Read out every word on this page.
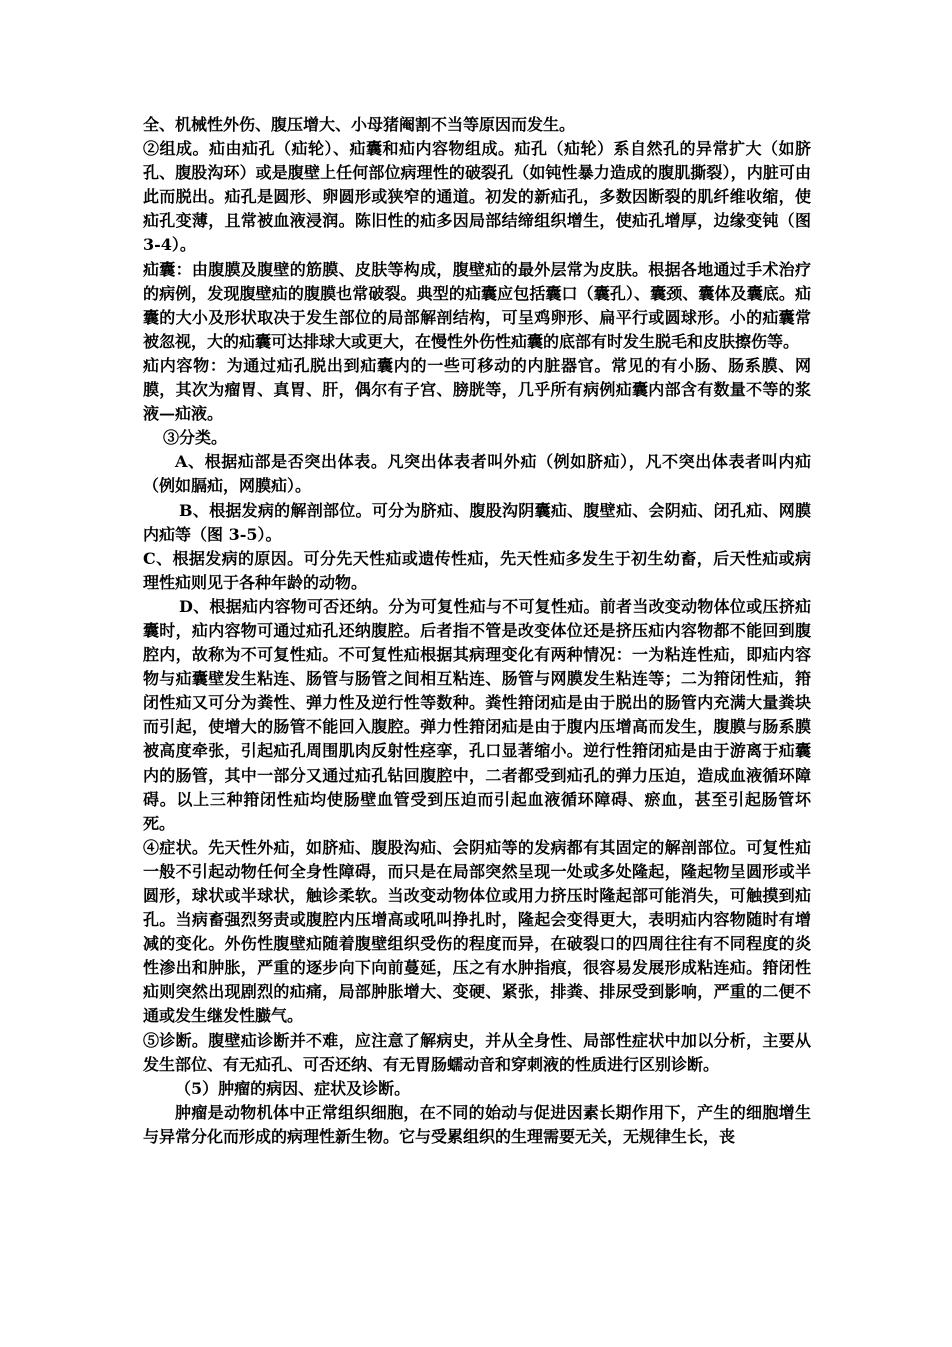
全、机械性外伤、腹压增大、小母猪阉割不当等原因而发生。

②组成。疝由疝孔（疝轮）、疝囊和疝内容物组成。疝孔（疝轮）系自然孔的异常扩大（如脐孔、腹股沟环）或是腹壁上任何部位病理性的破裂孔（如钝性暴力造成的腹肌撕裂），内脏可由此而脱出。疝孔是圆形、卵圆形或狭窄的通道。初发的新疝孔，多数因断裂的肌纤维收缩，使疝孔变薄，且常被血液浸润。陈旧性的疝多因局部结缔组织增生，使疝孔增厚，边缘变钝（图 3-4）。

疝囊：由腹膜及腹壁的筋膜、皮肤等构成，腹壁疝的最外层常为皮肤。根据各地通过手术治疗的病例，发现腹壁疝的腹膜也常破裂。典型的疝囊应包括囊口（囊孔）、囊颈、囊体及囊底。疝囊的大小及形状取决于发生部位的局部解剖结构，可呈鸡卵形、扁平行或圆球形。小的疝囊常被忽视，大的疝囊可达排球大或更大，在慢性外伤性疝囊的底部有时发生脱毛和皮肤擦伤等。

疝内容物：为通过疝孔脱出到疝囊内的一些可移动的内脏器官。常见的有小肠、肠系膜、网膜，其次为瘤胃、真胃、肝，偶尔有子宫、膀胱等，几乎所有病例疝囊内部含有数量不等的浆液—疝液。

③分类。

A、根据疝部是否突出体表。凡突出体表者叫外疝（例如脐疝），凡不突出体表者叫内疝（例如膈疝，网膜疝）。

B、根据发病的解剖部位。可分为脐疝、腹股沟阴囊疝、腹壁疝、会阴疝、闭孔疝、网膜内疝等（图 3-5）。

C、根据发病的原因。可分先天性疝或遗传性疝，先天性疝多发生于初生幼畜，后天性疝或病理性疝则见于各种年龄的动物。

D、根据疝内容物可否还纳。分为可复性疝与不可复性疝。前者当改变动物体位或压挤疝囊时，疝内容物可通过疝孔还纳腹腔。后者指不管是改变体位还是挤压疝内容物都不能回到腹腔内，故称为不可复性疝。不可复性疝根据其病理变化有两种情况：一为粘连性疝，即疝内容物与疝囊壁发生粘连、肠管与肠管之间相互粘连、肠管与网膜发生粘连等；二为箝闭性疝，箝闭性疝又可分为粪性、弹力性及逆行性等数种。粪性箝闭疝是由于脱出的肠管内充满大量粪块而引起，使增大的肠管不能回入腹腔。弹力性箝闭疝是由于腹内压增高而发生，腹膜与肠系膜被高度牵张，引起疝孔周围肌肉反射性痉挛，孔口显著缩小。逆行性箝闭疝是由于游离于疝囊内的肠管，其中一部分又通过疝孔钻回腹腔中，二者都受到疝孔的弹力压迫，造成血液循环障碍。以上三种箝闭性疝均使肠壁血管受到压迫而引起血液循环障碍、瘀血，甚至引起肠管坏死。

④症状。先天性外疝，如脐疝、腹股沟疝、会阴疝等的发病都有其固定的解剖部位。可复性疝一般不引起动物任何全身性障碍，而只是在局部突然呈现一处或多处隆起，隆起物呈圆形或半圆形，球状或半球状，触诊柔软。当改变动物体位或用力挤压时隆起部可能消失，可触摸到疝孔。当病畜强烈努责或腹腔内压增高或吼叫挣扎时，隆起会变得更大，表明疝内容物随时有增减的变化。外伤性腹壁疝随着腹壁组织受伤的程度而异，在破裂口的四周往往有不同程度的炎性渗出和肿胀，严重的逐步向下向前蔓延，压之有水肿指痕，很容易发展形成粘连疝。箝闭性疝则突然出现剧烈的疝痛，局部肿胀增大、变硬、紧张，排粪、排尿受到影响，严重的二便不通或发生继发性臌气。

⑤诊断。腹壁疝诊断并不难，应注意了解病史，并从全身性、局部性症状中加以分析，主要从发生部位、有无疝孔、可否还纳、有无胃肠蠕动音和穿刺液的性质进行区别诊断。

（5）肿瘤的病因、症状及诊断。

肿瘤是动物机体中正常组织细胞，在不同的始动与促进因素长期作用下，产生的细胞增生与异常分化而形成的病理性新生物。它与受累组织的生理需要无关，无规律生长，丧
